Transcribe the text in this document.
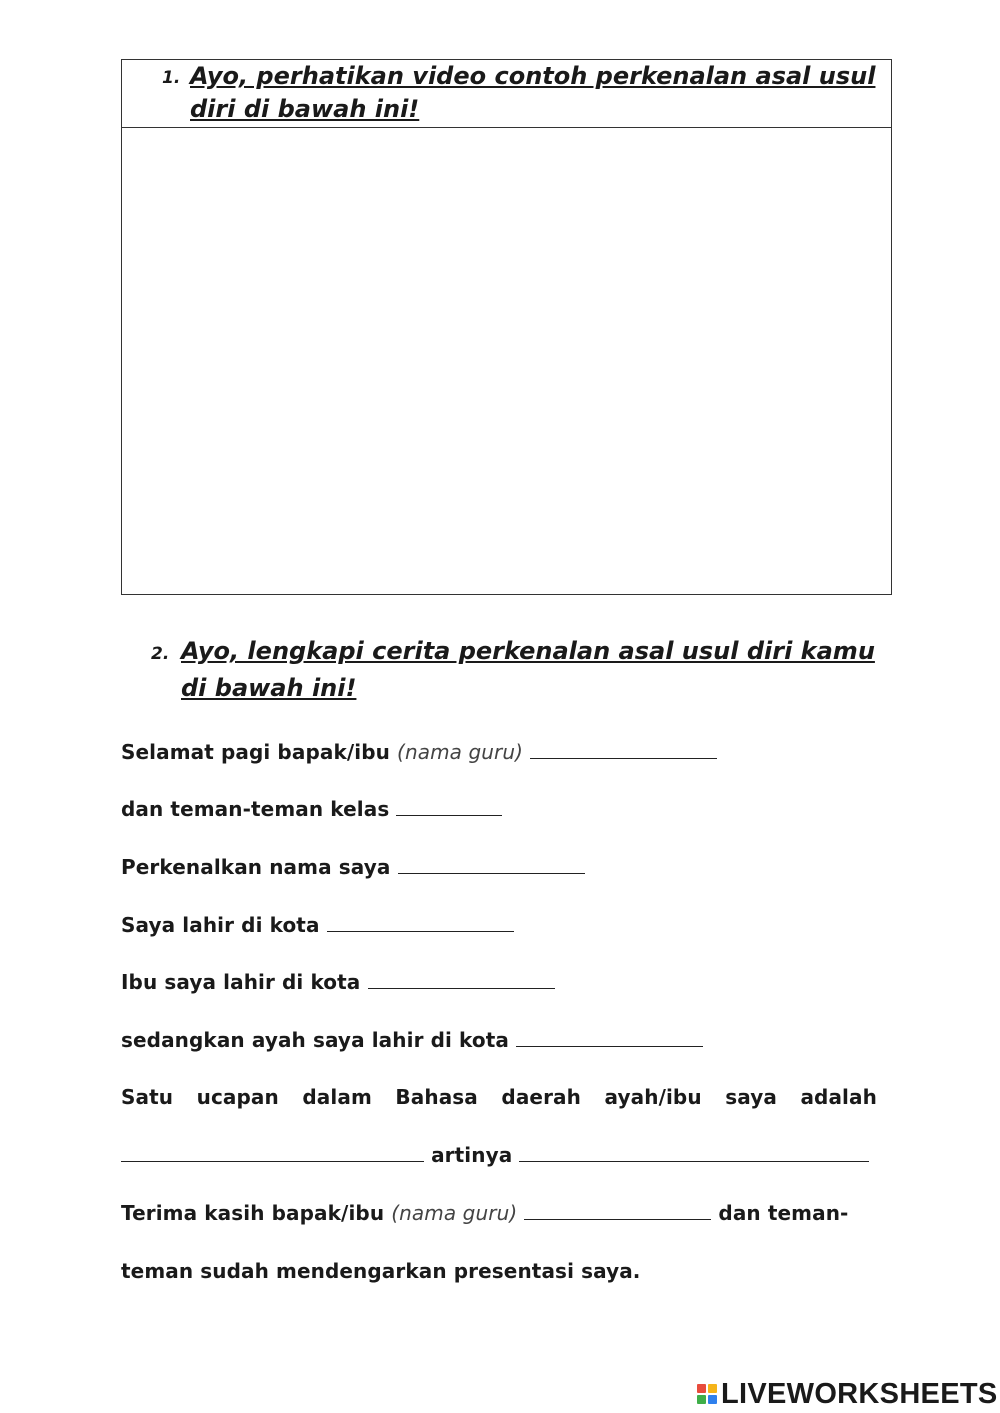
1. Ayo, perhatikan video contoh perkenalan asal usul
diri di bawah ini!
2. Ayo, lengkapi cerita perkenalan asal usul diri kamu
di bawah ini!
Selamat pagi bapak/ibu (nama guru)
dan teman-teman kelas
Perkenalkan nama saya
Saya lahir di kota
Ibu saya lahir di kota
sedangkan ayah saya lahir di kota
Satu ucapan dalam Bahasa daerah ayah/ibu saya adalah
artinya
Terima kasih bapak/ibu (nama guru)	dan teman-
teman sudah mendengarkan presentasi saya.
LIVEWORKSHEETS
